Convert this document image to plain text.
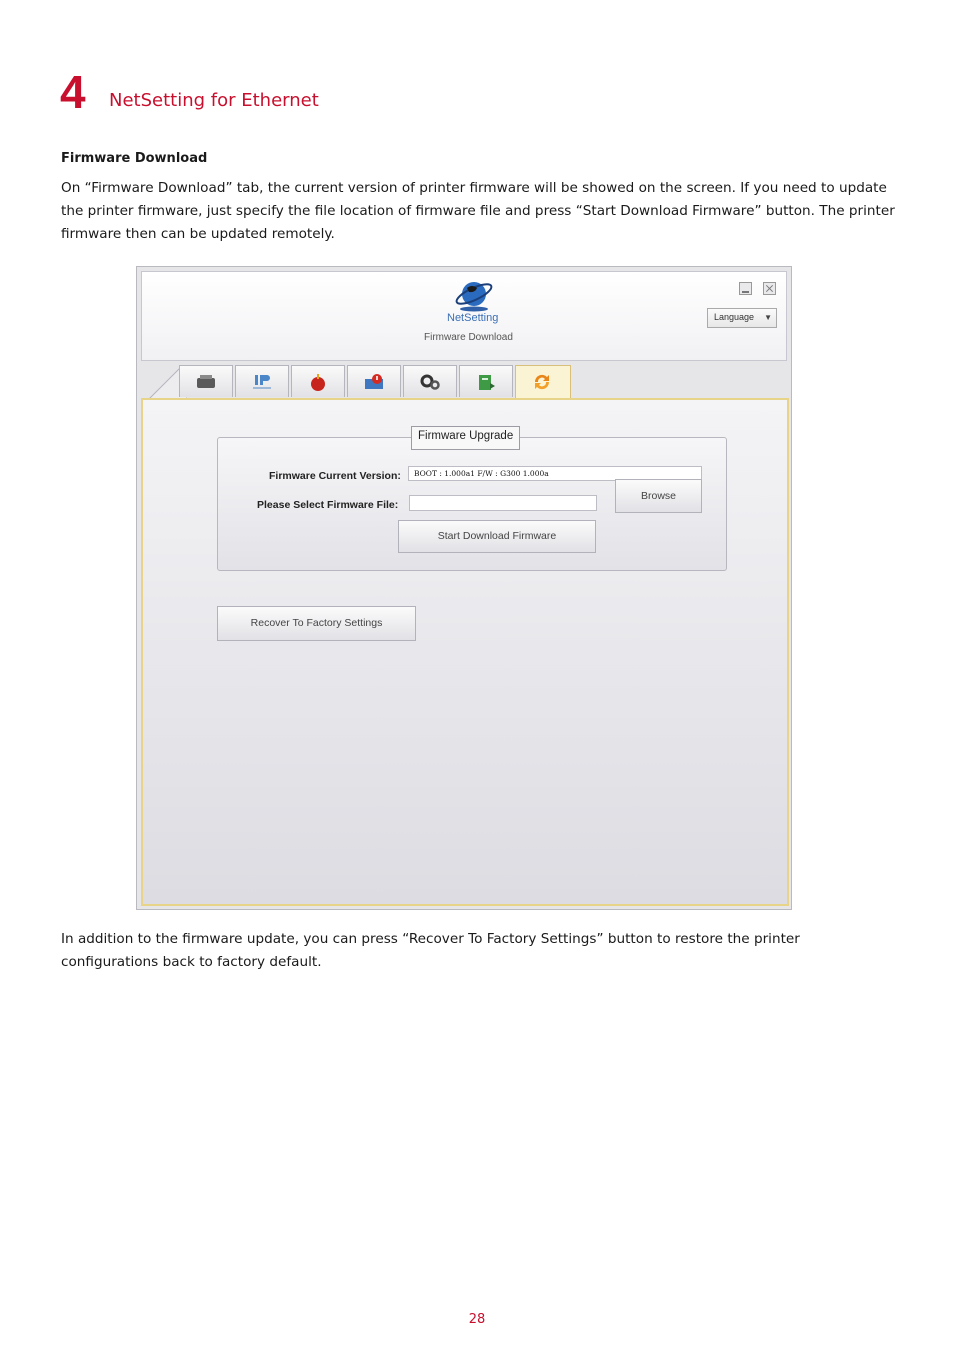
4 NetSetting for Ethernet
Firmware Download
On “Firmware Download” tab, the current version of printer firmware will be showed on the screen. If you need to update the printer firmware, just specify the file location of firmware file and press “Start Download Firmware” button. The printer firmware then can be updated remotely.
NetSetting
Firmware Download
Language ▼
Firmware Upgrade
Firmware Current Version:	BOOT : 1.000a1 F/W : G300 1.000a
Please Select Firmware File:
Browse
Start Download Firmware
Recover To Factory Settings
In addition to the firmware update, you can press “Recover To Factory Settings” button to restore the printer configurations back to factory default.
28
